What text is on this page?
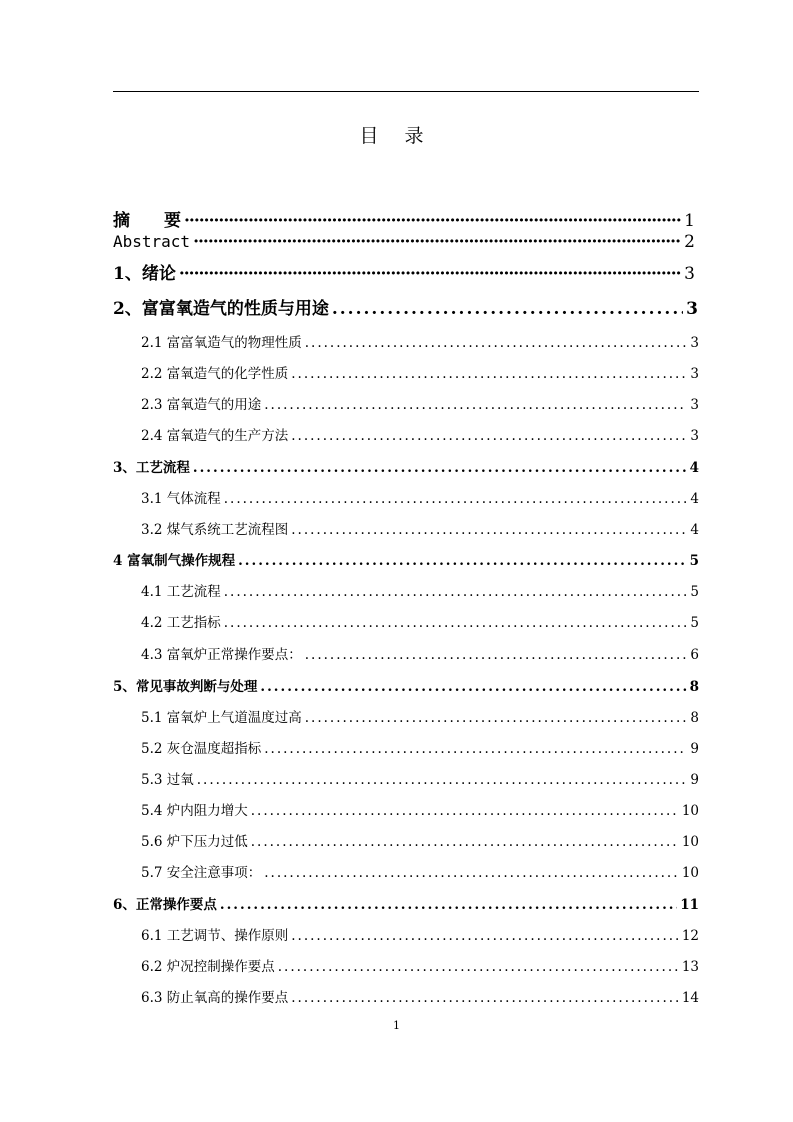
目 录
摘　　要 ·····	1
Abstract ·····	2
1、绪论 ·····	3
2、富富氧造气的性质与用途 .....	3
2.1 富富氧造气的物理性质 .....	3
2.2 富氧造气的化学性质 .....	3
2.3 富氧造气的用途 .....	3
2.4 富氧造气的生产方法 .....	3
3、工艺流程 .....	4
3.1 气体流程 .....	4
3.2 煤气系统工艺流程图 .....	4
4 富氧制气操作规程 .....	5
4.1 工艺流程 .....	5
4.2 工艺指标 .....	5
4.3 富氧炉正常操作要点： .....	6
5、常见事故判断与处理 .....	8
5.1 富氧炉上气道温度过高 .....	8
5.2 灰仓温度超指标 .....	9
5.3 过氧 .....	9
5.4 炉内阻力增大 .....	10
5.6 炉下压力过低 .....	10
5.7 安全注意事项： .....	10
6、正常操作要点 .....	11
6.1 工艺调节、操作原则 .....	12
6.2 炉况控制操作要点 .....	13
6.3 防止氧高的操作要点 .....	14
1
